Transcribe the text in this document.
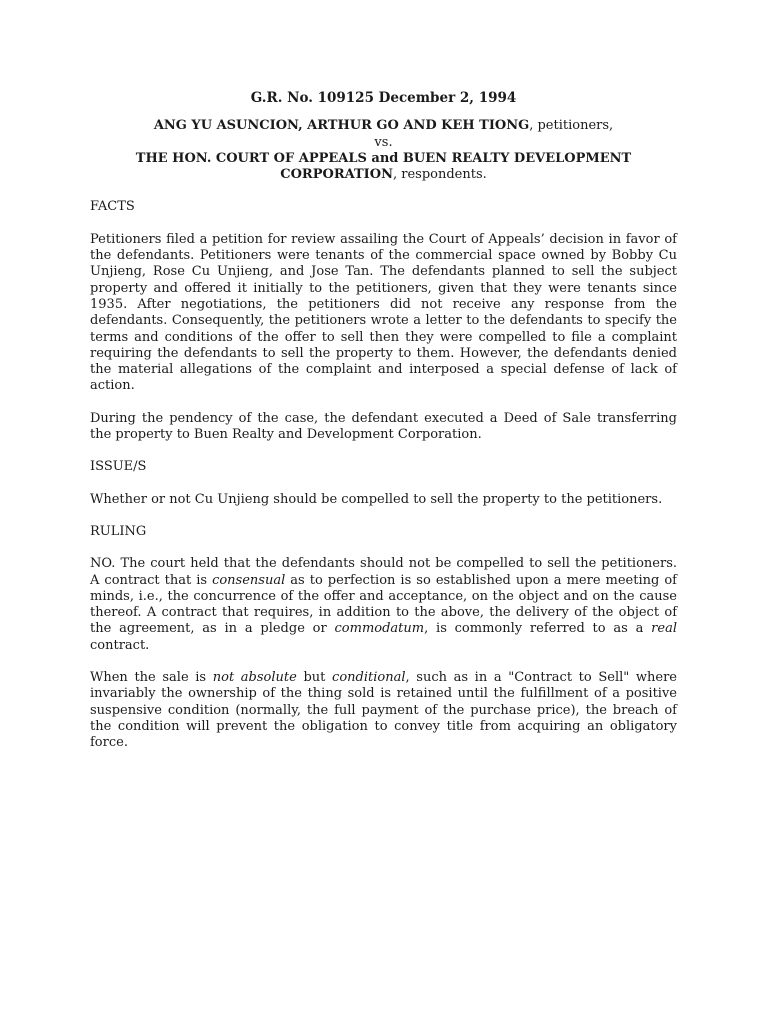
G.R. No. 109125 December 2, 1994

ANG YU ASUNCION, ARTHUR GO AND KEH TIONG, petitioners,

vs.

THE HON. COURT OF APPEALS and BUEN REALTY DEVELOPMENT CORPORATION, respondents.

FACTS

Petitioners filed a petition for review assailing the Court of Appeals’ decision in favor of the defendants. Petitioners were tenants of the commercial space owned by Bobby Cu Unjieng, Rose Cu Unjieng, and Jose Tan. The defendants planned to sell the subject property and offered it initially to the petitioners, given that they were tenants since 1935. After negotiations, the petitioners did not receive any response from the defendants. Consequently, the petitioners wrote a letter to the defendants to specify the terms and conditions of the offer to sell then they were compelled to file a complaint requiring the defendants to sell the property to them. However, the defendants denied the material allegations of the complaint and interposed a special defense of lack of action.

During the pendency of the case, the defendant executed a Deed of Sale transferring the property to Buen Realty and Development Corporation.

ISSUE/S

Whether or not Cu Unjieng should be compelled to sell the property to the petitioners.

RULING

NO. The court held that the defendants should not be compelled to sell the petitioners. A contract that is consensual as to perfection is so established upon a mere meeting of minds, i.e., the concurrence of the offer and acceptance, on the object and on the cause thereof. A contract that requires, in addition to the above, the delivery of the object of the agreement, as in a pledge or commodatum, is commonly referred to as a real contract.

When the sale is not absolute but conditional, such as in a "Contract to Sell" where invariably the ownership of the thing sold is retained until the fulfillment of a positive suspensive condition (normally, the full payment of the purchase price), the breach of the condition will prevent the obligation to convey title from acquiring an obligatory force.
